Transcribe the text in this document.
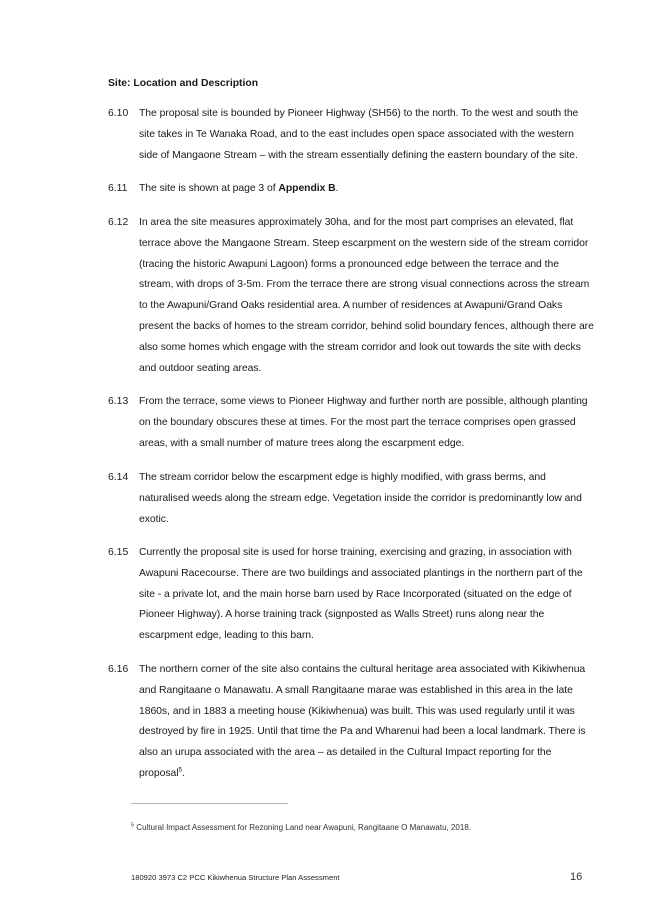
Site: Location and Description
6.10	The proposal site is bounded by Pioneer Highway (SH56) to the north. To the west and south the site takes in Te Wanaka Road, and to the east includes open space associated with the western side of Mangaone Stream – with the stream essentially defining the eastern boundary of the site.
6.11	The site is shown at page 3 of Appendix B.
6.12	In area the site measures approximately 30ha, and for the most part comprises an elevated, flat terrace above the Mangaone Stream. Steep escarpment on the western side of the stream corridor (tracing the historic Awapuni Lagoon) forms a pronounced edge between the terrace and the stream, with drops of 3-5m. From the terrace there are strong visual connections across the stream to the Awapuni/Grand Oaks residential area. A number of residences at Awapuni/Grand Oaks present the backs of homes to the stream corridor, behind solid boundary fences, although there are also some homes which engage with the stream corridor and look out towards the site with decks and outdoor seating areas.
6.13	From the terrace, some views to Pioneer Highway and further north are possible, although planting on the boundary obscures these at times. For the most part the terrace comprises open grassed areas, with a small number of mature trees along the escarpment edge.
6.14	The stream corridor below the escarpment edge is highly modified, with grass berms, and naturalised weeds along the stream edge. Vegetation inside the corridor is predominantly low and exotic.
6.15	Currently the proposal site is used for horse training, exercising and grazing, in association with Awapuni Racecourse. There are two buildings and associated plantings in the northern part of the site - a private lot, and the main horse barn used by Race Incorporated (situated on the edge of Pioneer Highway). A horse training track (signposted as Walls Street) runs along near the escarpment edge, leading to this barn.
6.16	The northern corner of the site also contains the cultural heritage area associated with Kikiwhenua and Rangitaane o Manawatu. A small Rangitaane marae was established in this area in the late 1860s, and in 1883 a meeting house (Kikiwhenua) was built. This was used regularly until it was destroyed by fire in 1925. Until that time the Pa and Wharenui had been a local landmark. There is also an urupa associated with the area – as detailed in the Cultural Impact reporting for the proposal$^5$.
$^5$ Cultural Impact Assessment for Rezoning Land near Awapuni, Rangitaane O Manawatu, 2018.
180920 3973 C2 PCC Kikiwhenua Structure Plan Assessment	16
